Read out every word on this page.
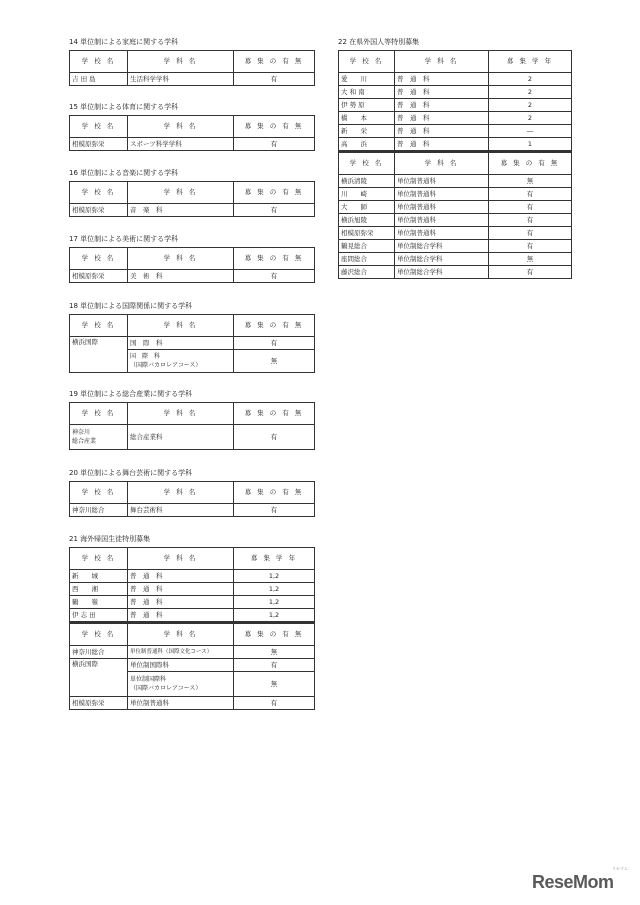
14 単位制による家庭に関する学科
学 校 名	学 科 名	募 集 の 有 無
吉 田 島	生活科学学科	有
15 単位制による体育に関する学科
学 校 名	学 科 名	募 集 の 有 無
相模原弥栄	スポーツ科学学科	有
16 単位制による音楽に関する学科
学 校 名	学 科 名	募 集 の 有 無
相模原弥栄	音　楽　科	有
17 単位制による美術に関する学科
学 校 名	学 科 名	募 集 の 有 無
相模原弥栄	美　術　科	有
18 単位制による国際関係に関する学科
学 校 名	学 科 名	募 集 の 有 無
横浜国際	国　際　科	有

	国　際　科
（国際バカロレアコース）	無
19 単位制による総合産業に関する学科
学 校 名	学 科 名	募 集 の 有 無

神奈川
総合産業	総合産業科	有
20 単位制による舞台芸術に関する学科
学 校 名	学 科 名	募 集 の 有 無
神奈川総合	舞台芸術科	有
21 海外帰国生徒特別募集
学 校 名	学 科 名	募 集 学 年
新　　城	普　通　科	1,2
西　　湘	普　通　科	1,2
鶴　　嶺	普　通　科	1,2
伊 志 田	普　通　科	1,2
学 校 名	学 科 名	募 集 の 有 無
神奈川総合	単位制普通科（国際文化コース）	無
横浜国際	単位制国際科	有

	単位制国際科
（国際バカロレアコース）	無
相模原弥栄	単位制普通科	有
22 在県外国人等特別募集
学 校 名	学 科 名	募 集 学 年
愛　　川	普　通　科	2
大 和 南	普　通　科	2
伊 勢 原	普　通　科	2
橋　　本	普　通　科	2
新　　栄	普　通　科	―
高　　浜	普　通　科	1
学 校 名	学 科 名	募 集 の 有 無
横浜清陵	単位制普通科	無
川　　崎	単位制普通科	有
大　　師	単位制普通科	有
横浜旭陵	単位制普通科	有
相模原弥栄	単位制普通科	有
鶴見総合	単位制総合学科	有
座間総合	単位制総合学科	無
藤沢総合	単位制総合学科	有
リセマム
ReseMom
